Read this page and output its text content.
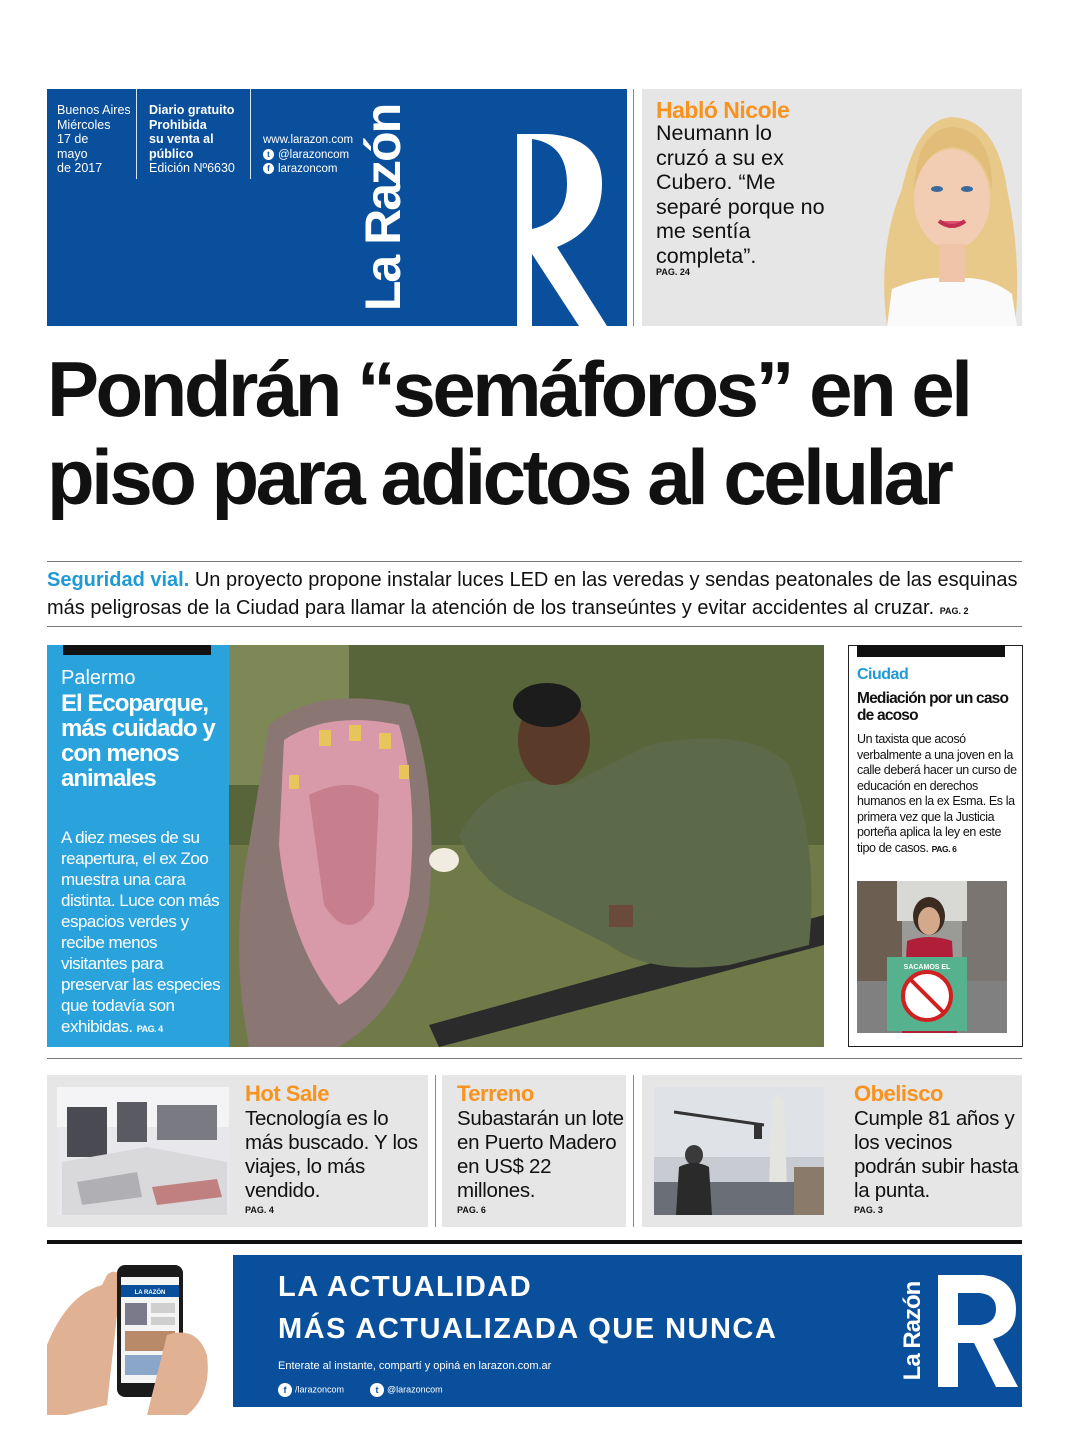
Buenos Aires
Miércoles
17 de
mayo
de 2017
Diario gratuito
Prohibida
su venta al
público
Edición Nº6630
www.larazon.com
t @larazoncom
f larazoncom La Razón	Habló Nicole
Neumann lo cruzó a su ex Cubero. “Me separé porque no me sentía completa”.
PAG. 24
Pondrán “semáforos” en el
piso para adictos al celular
Seguridad vial. Un proyecto propone instalar luces LED en las veredas y sendas peatonales de las esquinas más peligrosas de la Ciudad para llamar la atención de los transeúntes y evitar accidentes al cruzar. PAG. 2
Palermo
El Ecoparque, más cuidado y con menos animales
A diez meses de su reapertura, el ex Zoo muestra una cara distinta. Luce con más espacios verdes y recibe menos visitantes para preservar las especies que todavía son exhibidas. PAG. 4
Ciudad
Mediación por un caso de acoso
Un taxista que acosó verbalmente a una joven en la calle deberá hacer un curso de educación en derechos humanos en la ex Esma. Es la primera vez que la Justicia porteña aplica la ley en este tipo de casos. PAG. 6
SACAMOS EL
Hot Sale
Tecnología es lo más buscado. Y los viajes, lo más vendido.
PAG. 4
Terreno
Subastarán un lote en Puerto Madero en US$ 22 millones.
PAG. 6
Obelisco
Cumple 81 años y los vecinos podrán subir hasta la punta.
PAG. 3
LA RAZÓN	LA ACTUALIDAD
MÁS ACTUALIZADA QUE NUNCA
Enterate al instante, compartí y opiná en larazon.com.ar
f /larazoncom	t @larazoncom
La Razón
